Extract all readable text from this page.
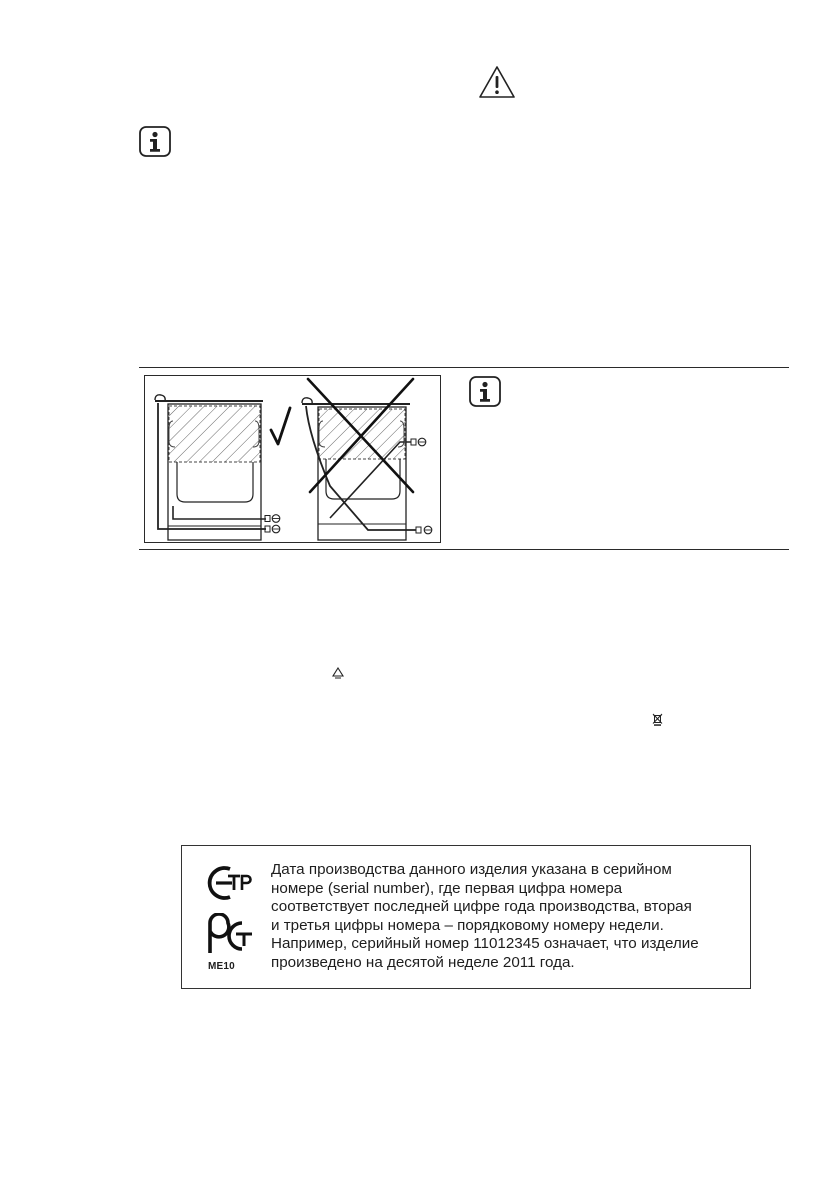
ME10
Дата производства данного изделия указана в серийном
номере (serial number), где первая цифра номера
соответствует последней цифре года производства, вторая
и третья цифры номера – порядковому номеру недели.
Например, серийный номер 11012345 означает, что изделие
произведено на десятой неделе 2011 года.
